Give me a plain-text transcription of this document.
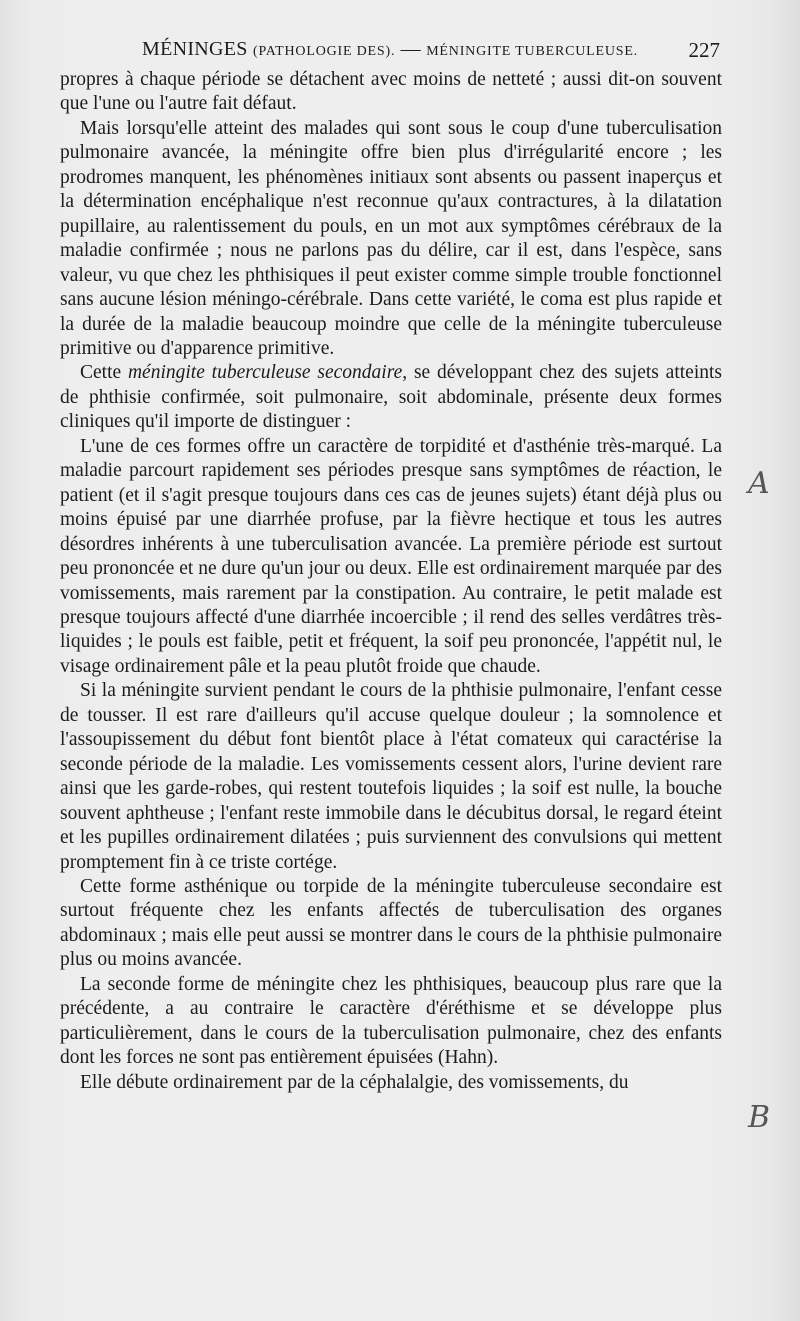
MÉNINGES (PATHOLOGIE DES). — MÉNINGITE TUBERCULEUSE.	227

propres à chaque période se détachent avec moins de netteté ; aussi dit-on souvent que l'une ou l'autre fait défaut.

Mais lorsqu'elle atteint des malades qui sont sous le coup d'une tuberculisation pulmonaire avancée, la méningite offre bien plus d'irrégularité encore ; les prodromes manquent, les phénomènes initiaux sont absents ou passent inaperçus et la détermination encéphalique n'est reconnue qu'aux contractures, à la dilatation pupillaire, au ralentissement du pouls, en un mot aux symptômes cérébraux de la maladie confirmée ; nous ne parlons pas du délire, car il est, dans l'espèce, sans valeur, vu que chez les phthisiques il peut exister comme simple trouble fonctionnel sans aucune lésion méningo-cérébrale. Dans cette variété, le coma est plus rapide et la durée de la maladie beaucoup moindre que celle de la méningite tuberculeuse primitive ou d'apparence primitive.

Cette méningite tuberculeuse secondaire, se développant chez des sujets atteints de phthisie confirmée, soit pulmonaire, soit abdominale, présente deux formes cliniques qu'il importe de distinguer :

L'une de ces formes offre un caractère de torpidité et d'asthénie très-marqué. La maladie parcourt rapidement ses périodes presque sans symptômes de réaction, le patient (et il s'agit presque toujours dans ces cas de jeunes sujets) étant déjà plus ou moins épuisé par une diarrhée profuse, par la fièvre hectique et tous les autres désordres inhérents à une tuberculisation avancée. La première période est surtout peu prononcée et ne dure qu'un jour ou deux. Elle est ordinairement marquée par des vomissements, mais rarement par la constipation. Au contraire, le petit malade est presque toujours affecté d'une diarrhée incoercible ; il rend des selles verdâtres très-liquides ; le pouls est faible, petit et fréquent, la soif peu prononcée, l'appétit nul, le visage ordinairement pâle et la peau plutôt froide que chaude.

Si la méningite survient pendant le cours de la phthisie pulmonaire, l'enfant cesse de tousser. Il est rare d'ailleurs qu'il accuse quelque douleur ; la somnolence et l'assoupissement du début font bientôt place à l'état comateux qui caractérise la seconde période de la maladie. Les vomissements cessent alors, l'urine devient rare ainsi que les garde-robes, qui restent toutefois liquides ; la soif est nulle, la bouche souvent aphtheuse ; l'enfant reste immobile dans le décubitus dorsal, le regard éteint et les pupilles ordinairement dilatées ; puis surviennent des convulsions qui mettent promptement fin à ce triste cortége.

Cette forme asthénique ou torpide de la méningite tuberculeuse secondaire est surtout fréquente chez les enfants affectés de tuberculisation des organes abdominaux ; mais elle peut aussi se montrer dans le cours de la phthisie pulmonaire plus ou moins avancée.

La seconde forme de méningite chez les phthisiques, beaucoup plus rare que la précédente, a au contraire le caractère d'éréthisme et se développe plus particulièrement, dans le cours de la tuberculisation pulmonaire, chez des enfants dont les forces ne sont pas entièrement épuisées (Hahn).

Elle débute ordinairement par de la céphalalgie, des vomissements, du

A
B
